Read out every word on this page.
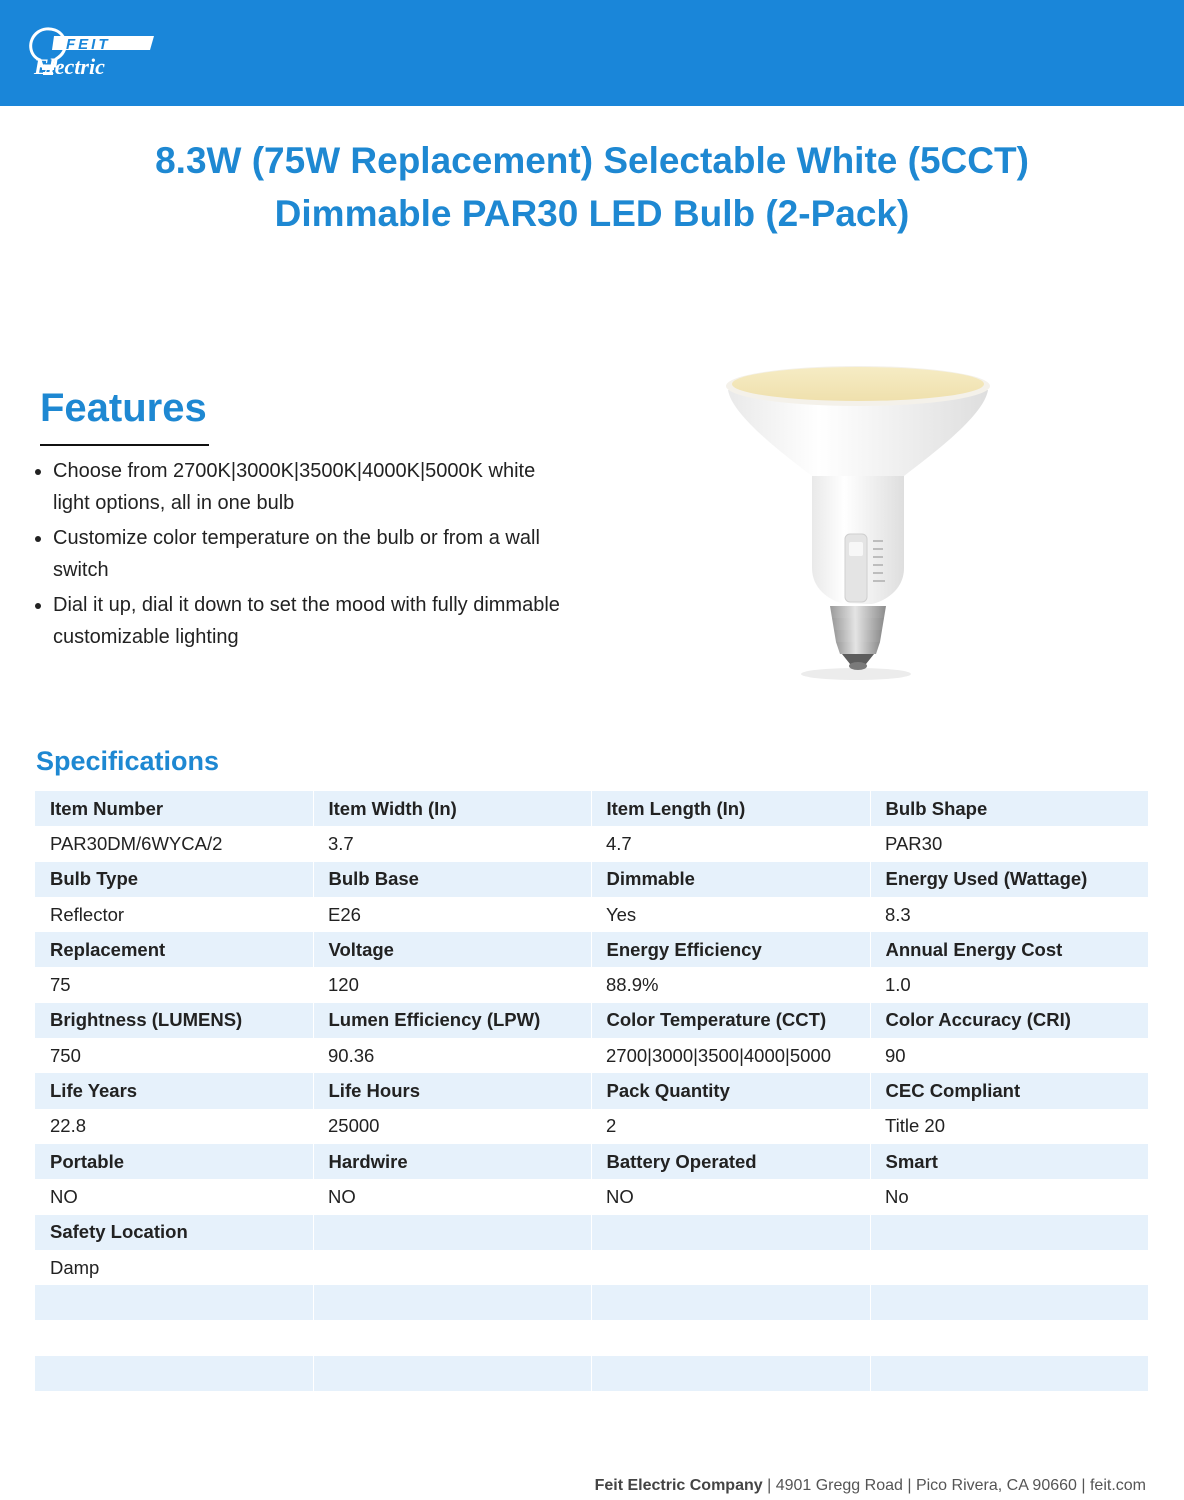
FEIT
Electric
8.3W (75W Replacement) Selectable White (5CCT)
Dimmable PAR30 LED Bulb (2-Pack)
Features
Choose from 2700K|3000K|3500K|4000K|5000K white light options, all in one bulb
Customize color temperature on the bulb or from a wall switch
Dial it up, dial it down to set the mood with fully dimmable customizable lighting
Specifications
Item Number	Item Width (In)	Item Length (In)	Bulb Shape
PAR30DM/6WYCA/2	3.7	4.7	PAR30
Bulb Type	Bulb Base	Dimmable	Energy Used (Wattage)
Reflector	E26	Yes	8.3
Replacement	Voltage	Energy Efficiency	Annual Energy Cost
75	120	88.9%	1.0
Brightness (LUMENS)	Lumen Efficiency (LPW)	Color Temperature (CCT)	Color Accuracy (CRI)
750	90.36	2700|3000|3500|4000|5000	90
Life Years	Life Hours	Pack Quantity	CEC Compliant
22.8	25000	2	Title 20
Portable	Hardwire	Battery Operated	Smart
NO	NO	NO	No
Safety Location			
Damp			

Feit Electric Company | 4901 Gregg Road | Pico Rivera, CA 90660 | feit.com
